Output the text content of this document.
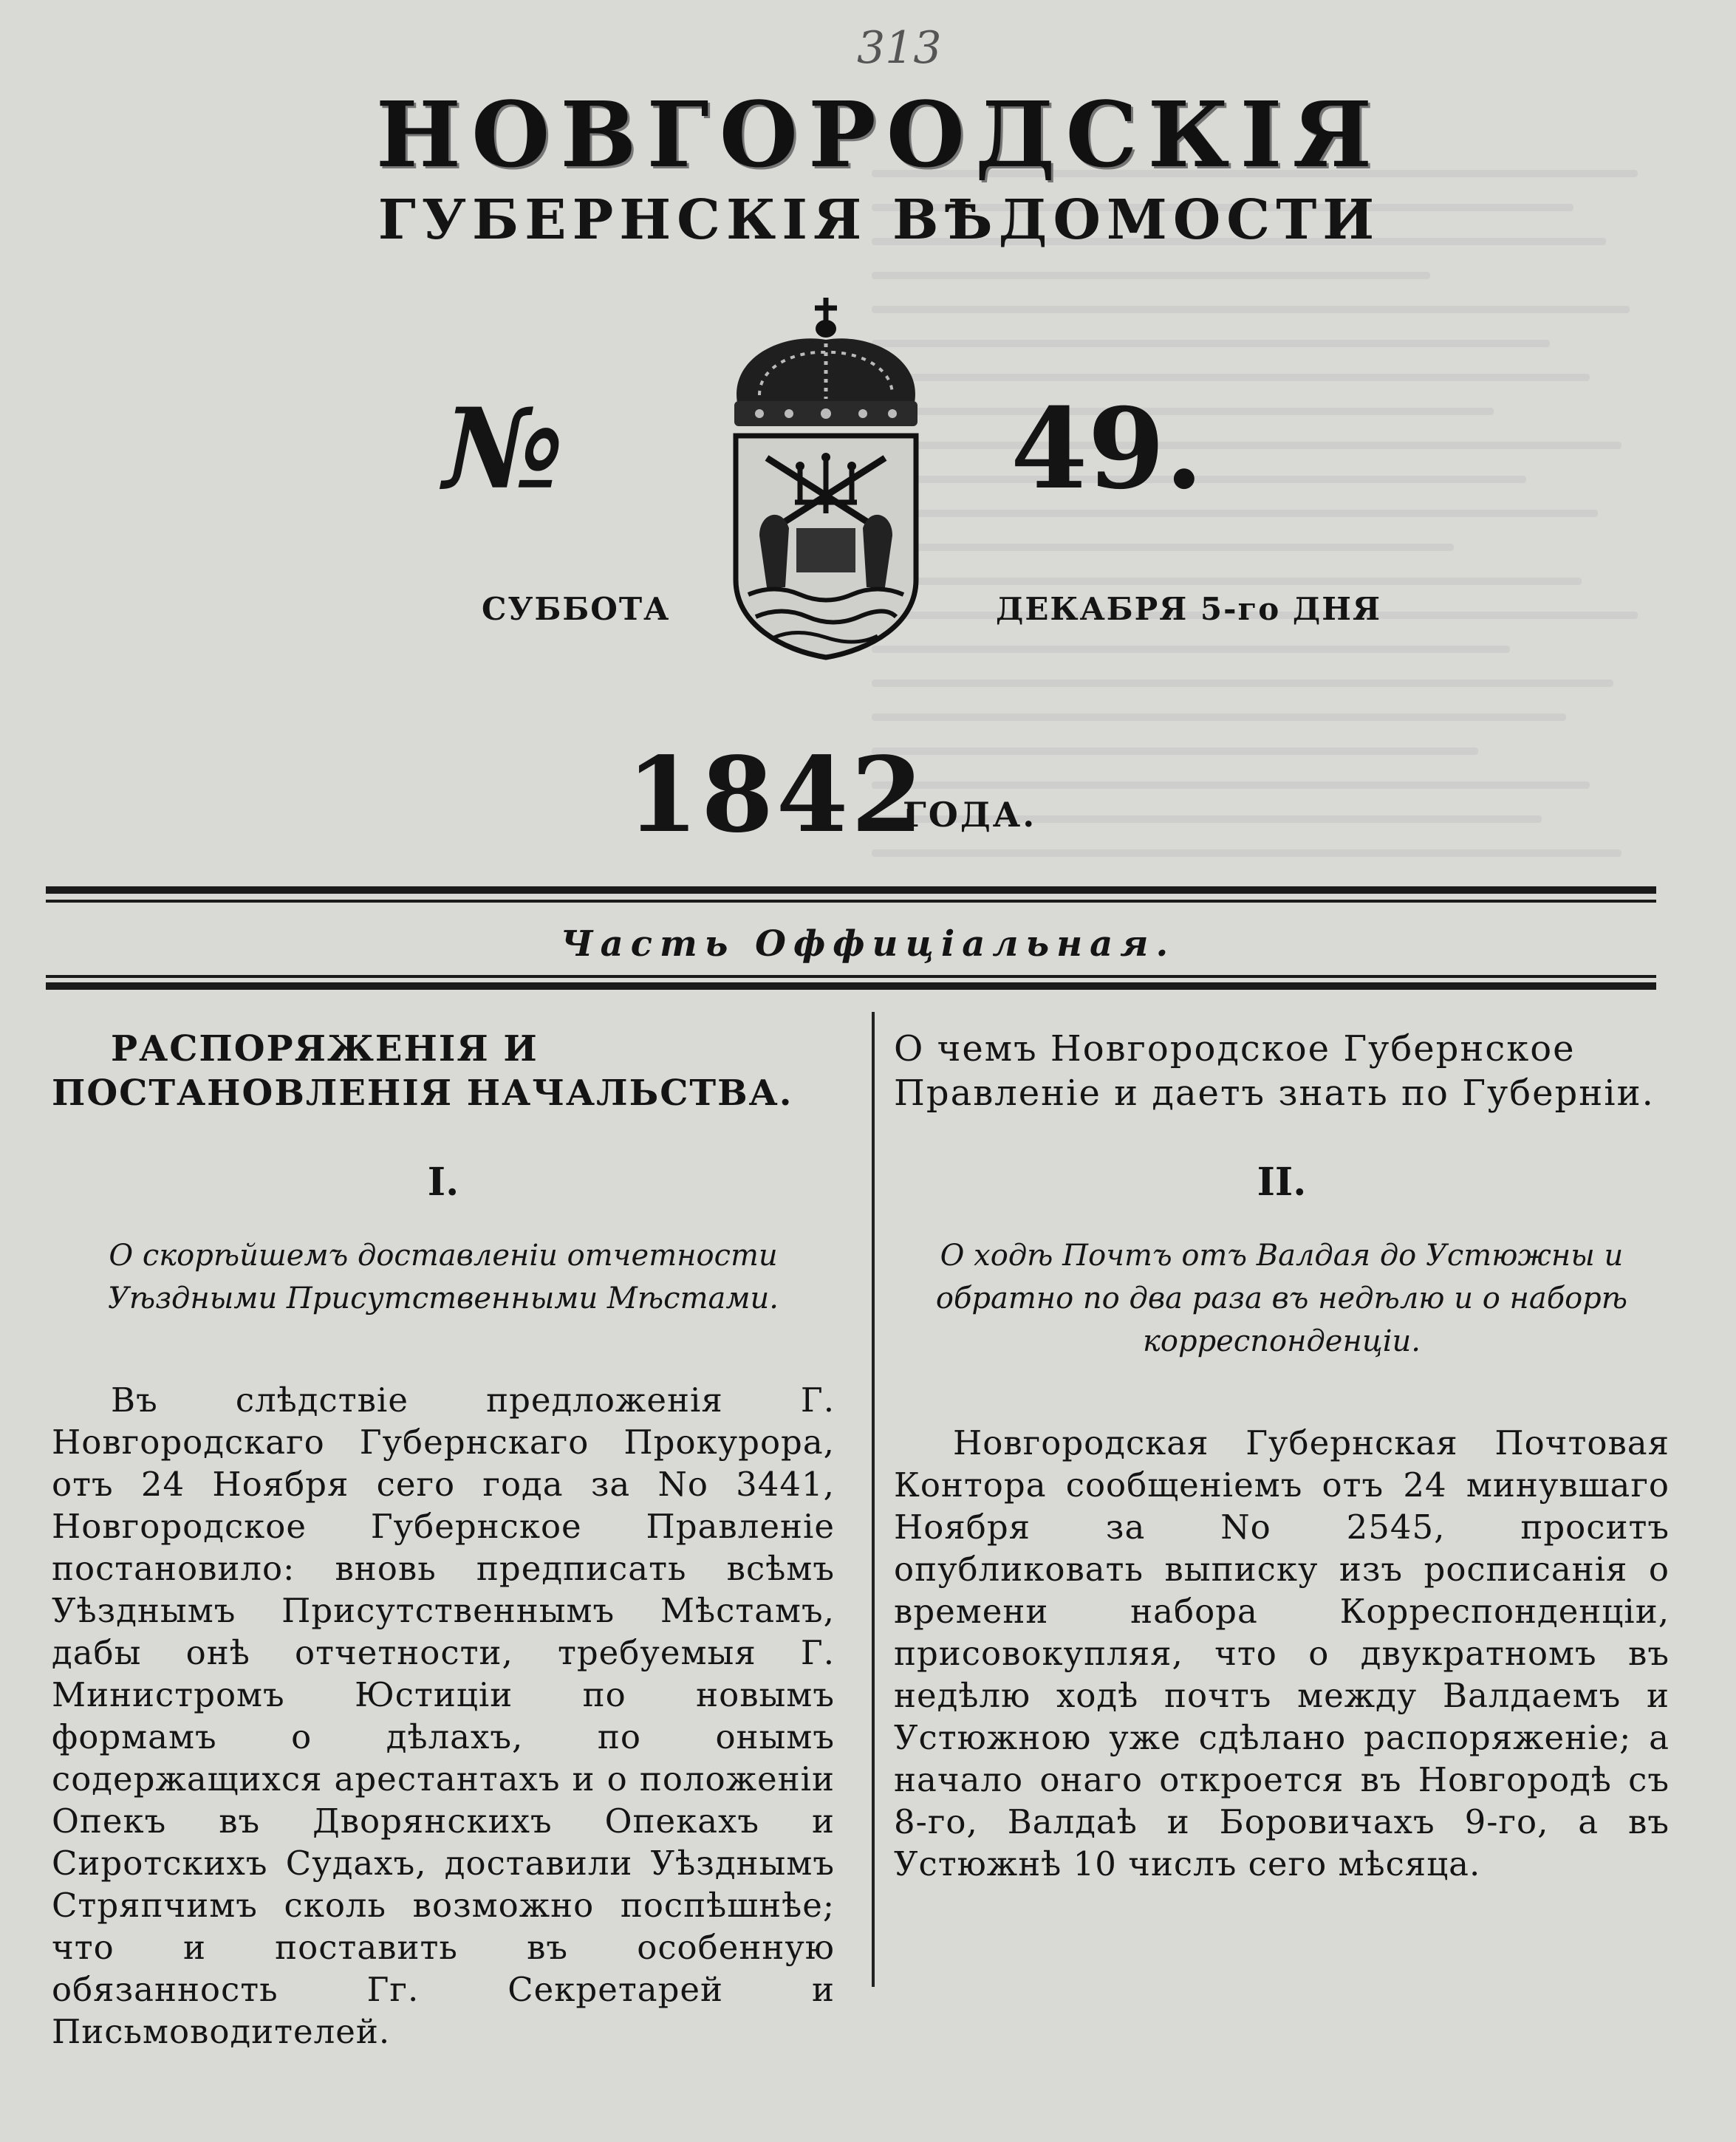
313
НОВГОРОДСКІЯ
ГУБЕРНСКІЯ ВѢДОМОСТИ
№	49.
СУББОТА	ДЕКАБРЯ 5-го ДНЯ
1842
ГОДА.
Часть Оффиціальная.

РАСПОРЯЖЕНІЯ И ПОСТАНОВЛЕНІЯ НАЧАЛЬСТВА.

I.

О скорѣйшемъ доставленіи отчетности Уѣздными Присутственными Мѣстами.

Въ слѣдствіе предложенія Г. Новгородскаго Губернскаго Прокурора, отъ 24 Ноября сего года за No 3441, Новгородское Губернское Правленіе постановило: вновь предписать всѣмъ Уѣзднымъ Присутственнымъ Мѣстамъ, дабы онѣ отчетности, требуемыя Г. Министромъ Юстиціи по новымъ формамъ о дѣлахъ, по онымъ содержащихся арестантахъ и о положеніи Опекъ въ Дворянскихъ Опекахъ и Сиротскихъ Судахъ, доставили Уѣзднымъ Стряпчимъ сколь возможно поспѣшнѣе; что и поставить въ особенную обязанность Гг. Секретарей и Письмоводителей.

О чемъ Новгородское Губернское Правленіе и даетъ знать по Губерніи.

II.

О ходѣ Почтъ отъ Валдая до Устюжны и обратно по два раза въ недѣлю и о наборѣ корреспонденціи.

Новгородская Губернская Почтовая Контора сообщеніемъ отъ 24 минувшаго Ноября за No 2545, проситъ опубликовать выписку изъ росписанія о времени набора Корреспонденціи, присовокупляя, что о двукратномъ въ недѣлю ходѣ почтъ между Валдаемъ и Устюжною уже сдѣлано распоряженіе; а начало онаго откроется въ Новгородѣ съ 8-го, Валдаѣ и Боровичахъ 9-го, а въ Устюжнѣ 10 числъ сего мѣсяца.
